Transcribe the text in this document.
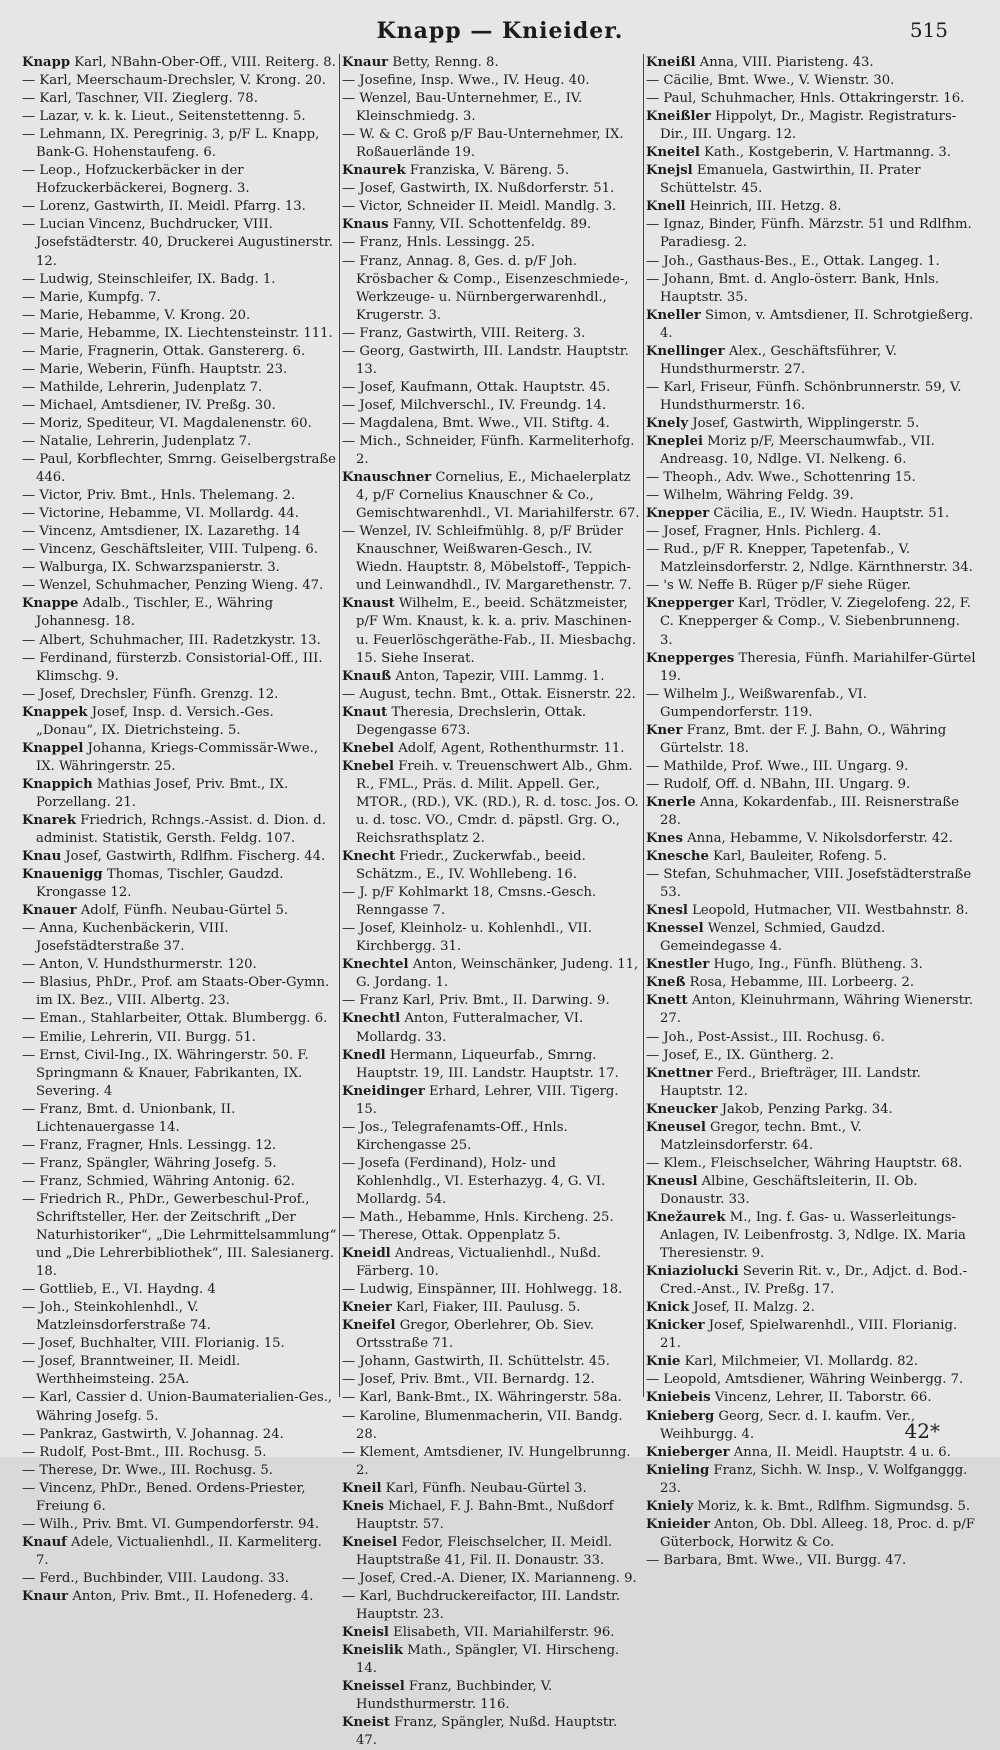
Knapp — Knieider.	515

Knapp Karl, NBahn-Ober-Off., VIII. Reiterg. 8.

— Karl, Meerschaum-Drechsler, V. Krong. 20.

— Karl, Taschner, VII. Zieglerg. 78.

— Lazar, v. k. k. Lieut., Seitenstettenng. 5.

— Lehmann, IX. Peregrinig. 3, p/F L. Knapp, Bank-G. Hohenstaufeng. 6.

— Leop., Hofzuckerbäcker in der Hofzuckerbäckerei, Bognerg. 3.

— Lorenz, Gastwirth, II. Meidl. Pfarrg. 13.

— Lucian Vincenz, Buchdrucker, VIII. Josefstädterstr. 40, Druckerei Augustinerstr. 12.

— Ludwig, Steinschleifer, IX. Badg. 1.

— Marie, Kumpfg. 7.

— Marie, Hebamme, V. Krong. 20.

— Marie, Hebamme, IX. Liechtensteinstr. 111.

— Marie, Fragnerin, Ottak. Ganstererg. 6.

— Marie, Weberin, Fünfh. Hauptstr. 23.

— Mathilde, Lehrerin, Judenplatz 7.

— Michael, Amtsdiener, IV. Preßg. 30.

— Moriz, Spediteur, VI. Magdalenenstr. 60.

— Natalie, Lehrerin, Judenplatz 7.

— Paul, Korbflechter, Smrng. Geiselbergstraße 446.

— Victor, Priv. Bmt., Hnls. Thelemang. 2.

— Victorine, Hebamme, VI. Mollardg. 44.

— Vincenz, Amtsdiener, IX. Lazarethg. 14

— Vincenz, Geschäftsleiter, VIII. Tulpeng. 6.

— Walburga, IX. Schwarzspanierstr. 3.

— Wenzel, Schuhmacher, Penzing Wieng. 47.

Knappe Adalb., Tischler, E., Währing Johannesg. 18.

— Albert, Schuhmacher, III. Radetzkystr. 13.

— Ferdinand, fürsterzb. Consistorial-Off., III. Klimschg. 9.

— Josef, Drechsler, Fünfh. Grenzg. 12.

Knappek Josef, Insp. d. Versich.-Ges. „Donau“, IX. Dietrichsteing. 5.

Knappel Johanna, Kriegs-Commissär-Wwe., IX. Währingerstr. 25.

Knappich Mathias Josef, Priv. Bmt., IX. Porzellang. 21.

Knarek Friedrich, Rchngs.-Assist. d. Dion. d. administ. Statistik, Gersth. Feldg. 107.

Knau Josef, Gastwirth, Rdlfhm. Fischerg. 44.

Knauenigg Thomas, Tischler, Gaudzd. Krongasse 12.

Knauer Adolf, Fünfh. Neubau-Gürtel 5.

— Anna, Kuchenbäckerin, VIII. Josefstädterstraße 37.

— Anton, V. Hundsthurmerstr. 120.

— Blasius, PhDr., Prof. am Staats-Ober-Gymn. im IX. Bez., VIII. Albertg. 23.

— Eman., Stahlarbeiter, Ottak. Blumbergg. 6.

— Emilie, Lehrerin, VII. Burgg. 51.

— Ernst, Civil-Ing., IX. Währingerstr. 50. F. Springmann & Knauer, Fabrikanten, IX. Severing. 4

— Franz, Bmt. d. Unionbank, II. Lichtenauergasse 14.

— Franz, Fragner, Hnls. Lessingg. 12.

— Franz, Spängler, Währing Josefg. 5.

— Franz, Schmied, Währing Antonig. 62.

— Friedrich R., PhDr., Gewerbeschul-Prof., Schriftsteller, Her. der Zeitschrift „Der Naturhistoriker“, „Die Lehrmittelsammlung“ und „Die Lehrerbibliothek“, III. Salesianerg. 18.

— Gottlieb, E., VI. Haydng. 4

— Joh., Steinkohlenhdl., V. Matzleinsdorferstraße 74.

— Josef, Buchhalter, VIII. Florianig. 15.

— Josef, Branntweiner, II. Meidl. Werthheimsteing. 25A.

— Karl, Cassier d. Union-Baumaterialien-Ges., Währing Josefg. 5.

— Pankraz, Gastwirth, V. Johannag. 24.

— Rudolf, Post-Bmt., III. Rochusg. 5.

— Therese, Dr. Wwe., III. Rochusg. 5.

— Vincenz, PhDr., Bened. Ordens-Priester, Freiung 6.

— Wilh., Priv. Bmt. VI. Gumpendorferstr. 94.

Knauf Adele, Victualienhdl., II. Karmeliterg. 7.

— Ferd., Buchbinder, VIII. Laudong. 33.

Knaur Anton, Priv. Bmt., II. Hofenederg. 4.

Knaur Betty, Renng. 8.

— Josefine, Insp. Wwe., IV. Heug. 40.

— Wenzel, Bau-Unternehmer, E., IV. Kleinschmiedg. 3.

— W. & C. Groß p/F Bau-Unternehmer, IX. Roßauerlände 19.

Knaurek Franziska, V. Bäreng. 5.

— Josef, Gastwirth, IX. Nußdorferstr. 51.

— Victor, Schneider II. Meidl. Mandlg. 3.

Knaus Fanny, VII. Schottenfeldg. 89.

— Franz, Hnls. Lessingg. 25.

— Franz, Annag. 8, Ges. d. p/F Joh. Krösbacher & Comp., Eisenzeschmiede-, Werkzeuge- u. Nürnbergerwarenhdl., Krugerstr. 3.

— Franz, Gastwirth, VIII. Reiterg. 3.

— Georg, Gastwirth, III. Landstr. Hauptstr. 13.

— Josef, Kaufmann, Ottak. Hauptstr. 45.

— Josef, Milchverschl., IV. Freundg. 14.

— Magdalena, Bmt. Wwe., VII. Stiftg. 4.

— Mich., Schneider, Fünfh. Karmeliterhofg. 2.

Knauschner Cornelius, E., Michaelerplatz 4, p/F Cornelius Knauschner & Co., Gemischtwarenhdl., VI. Mariahilferstr. 67.

— Wenzel, IV. Schleifmühlg. 8, p/F Brüder Knauschner, Weißwaren-Gesch., IV. Wiedn. Hauptstr. 8, Möbelstoff-, Teppich- und Leinwandhdl., IV. Margarethenstr. 7.

Knaust Wilhelm, E., beeid. Schätzmeister, p/F Wm. Knaust, k. k. a. priv. Maschinen- u. Feuerlöschgeräthe-Fab., II. Miesbachg. 15. Siehe Inserat.

Knauß Anton, Tapezir, VIII. Lammg. 1.

— August, techn. Bmt., Ottak. Eisnerstr. 22.

Knaut Theresia, Drechslerin, Ottak. Degengasse 673.

Knebel Adolf, Agent, Rothenthurmstr. 11.

Knebel Freih. v. Treuenschwert Alb., Ghm. R., FML., Präs. d. Milit. Appell. Ger., MTOR., (RD.), VK. (RD.), R. d. tosc. Jos. O. u. d. tosc. VO., Cmdr. d. päpstl. Grg. O., Reichsrathsplatz 2.

Knecht Friedr., Zuckerwfab., beeid. Schätzm., E., IV. Wohllebeng. 16.

— J. p/F Kohlmarkt 18, Cmsns.-Gesch. Renngasse 7.

— Josef, Kleinholz- u. Kohlenhdl., VII. Kirchbergg. 31.

Knechtel Anton, Weinschänker, Judeng. 11, G. Jordang. 1.

— Franz Karl, Priv. Bmt., II. Darwing. 9.

Knechtl Anton, Futteralmacher, VI. Mollardg. 33.

Knedl Hermann, Liqueurfab., Smrng. Hauptstr. 19, III. Landstr. Hauptstr. 17.

Kneidinger Erhard, Lehrer, VIII. Tigerg. 15.

— Jos., Telegrafenamts-Off., Hnls. Kirchengasse 25.

— Josefa (Ferdinand), Holz- und Kohlenhdlg., VI. Esterhazyg. 4, G. VI. Mollardg. 54.

— Math., Hebamme, Hnls. Kircheng. 25.

— Therese, Ottak. Oppenplatz 5.

Kneidl Andreas, Victualienhdl., Nußd. Färberg. 10.

— Ludwig, Einspänner, III. Hohlwegg. 18.

Kneier Karl, Fiaker, III. Paulusg. 5.

Kneifel Gregor, Oberlehrer, Ob. Siev. Ortsstraße 71.

— Johann, Gastwirth, II. Schüttelstr. 45.

— Josef, Priv. Bmt., VII. Bernardg. 12.

— Karl, Bank-Bmt., IX. Währingerstr. 58a.

— Karoline, Blumenmacherin, VII. Bandg. 28.

— Klement, Amtsdiener, IV. Hungelbrunng. 2.

Kneil Karl, Fünfh. Neubau-Gürtel 3.

Kneis Michael, F. J. Bahn-Bmt., Nußdorf Hauptstr. 57.

Kneisel Fedor, Fleischselcher, II. Meidl. Hauptstraße 41, Fil. II. Donaustr. 33.

— Josef, Cred.-A. Diener, IX. Marianneng. 9.

— Karl, Buchdruckereifactor, III. Landstr. Hauptstr. 23.

Kneisl Elisabeth, VII. Mariahilferstr. 96.

Kneislik Math., Spängler, VI. Hirscheng. 14.

Kneissel Franz, Buchbinder, V. Hundsthurmerstr. 116.

Kneist Franz, Spängler, Nußd. Hauptstr. 47.

Kneißl Anna, VIII. Piaristeng. 43.

— Cäcilie, Bmt. Wwe., V. Wienstr. 30.

— Paul, Schuhmacher, Hnls. Ottakringerstr. 16.

Kneißler Hippolyt, Dr., Magistr. Registraturs-Dir., III. Ungarg. 12.

Kneitel Kath., Kostgeberin, V. Hartmanng. 3.

Knejsl Emanuela, Gastwirthin, II. Prater Schüttelstr. 45.

Knell Heinrich, III. Hetzg. 8.

— Ignaz, Binder, Fünfh. Märzstr. 51 und Rdlfhm. Paradiesg. 2.

— Joh., Gasthaus-Bes., E., Ottak. Langeg. 1.

— Johann, Bmt. d. Anglo-österr. Bank, Hnls. Hauptstr. 35.

Kneller Simon, v. Amtsdiener, II. Schrotgießerg. 4.

Knellinger Alex., Geschäftsführer, V. Hundsthurmerstr. 27.

— Karl, Friseur, Fünfh. Schönbrunnerstr. 59, V. Hundsthurmerstr. 16.

Knely Josef, Gastwirth, Wipplingerstr. 5.

Kneplei Moriz p/F, Meerschaumwfab., VII. Andreasg. 10, Ndlge. VI. Nelkeng. 6.

— Theoph., Adv. Wwe., Schottenring 15.

— Wilhelm, Währing Feldg. 39.

Knepper Cäcilia, E., IV. Wiedn. Hauptstr. 51.

— Josef, Fragner, Hnls. Pichlerg. 4.

— Rud., p/F R. Knepper, Tapetenfab., V. Matzleinsdorferstr. 2, Ndlge. Kärnthnerstr. 34.

— 's W. Neffe B. Rüger p/F siehe Rüger.

Knepperger Karl, Trödler, V. Ziegelofeng. 22, F. C. Knepperger & Comp., V. Siebenbrunneng. 3.

Knepperges Theresia, Fünfh. Mariahilfer-Gürtel 19.

— Wilhelm J., Weißwarenfab., VI. Gumpendorferstr. 119.

Kner Franz, Bmt. der F. J. Bahn, O., Währing Gürtelstr. 18.

— Mathilde, Prof. Wwe., III. Ungarg. 9.

— Rudolf, Off. d. NBahn, III. Ungarg. 9.

Knerle Anna, Kokardenfab., III. Reisnerstraße 28.

Knes Anna, Hebamme, V. Nikolsdorferstr. 42.

Knesche Karl, Bauleiter, Rofeng. 5.

— Stefan, Schuhmacher, VIII. Josefstädterstraße 53.

Knesl Leopold, Hutmacher, VII. Westbahnstr. 8.

Knessel Wenzel, Schmied, Gaudzd. Gemeindegasse 4.

Knestler Hugo, Ing., Fünfh. Blütheng. 3.

Kneß Rosa, Hebamme, III. Lorbeerg. 2.

Knett Anton, Kleinuhrmann, Währing Wienerstr. 27.

— Joh., Post-Assist., III. Rochusg. 6.

— Josef, E., IX. Güntherg. 2.

Knettner Ferd., Briefträger, III. Landstr. Hauptstr. 12.

Kneucker Jakob, Penzing Parkg. 34.

Kneusel Gregor, techn. Bmt., V. Matzleinsdorferstr. 64.

— Klem., Fleischselcher, Währing Hauptstr. 68.

Kneusl Albine, Geschäftsleiterin, II. Ob. Donaustr. 33.

Knežaurek M., Ing. f. Gas- u. Wasserleitungs-Anlagen, IV. Leibenfrostg. 3, Ndlge. IX. Maria Theresienstr. 9.

Kniaziolucki Severin Rit. v., Dr., Adjct. d. Bod.-Cred.-Anst., IV. Preßg. 17.

Knick Josef, II. Malzg. 2.

Knicker Josef, Spielwarenhdl., VIII. Florianig. 21.

Knie Karl, Milchmeier, VI. Mollardg. 82.

— Leopold, Amtsdiener, Währing Weinbergg. 7.

Kniebeis Vincenz, Lehrer, II. Taborstr. 66.

Knieberg Georg, Secr. d. I. kaufm. Ver., Weihburgg. 4.

Knieberger Anna, II. Meidl. Hauptstr. 4 u. 6.

Knieling Franz, Sichh. W. Insp., V. Wolfganggg. 23.

Kniely Moriz, k. k. Bmt., Rdlfhm. Sigmundsg. 5.

Knieider Anton, Ob. Dbl. Alleeg. 18, Proc. d. p/F Güterbock, Horwitz & Co.

— Barbara, Bmt. Wwe., VII. Burgg. 47.

42*
